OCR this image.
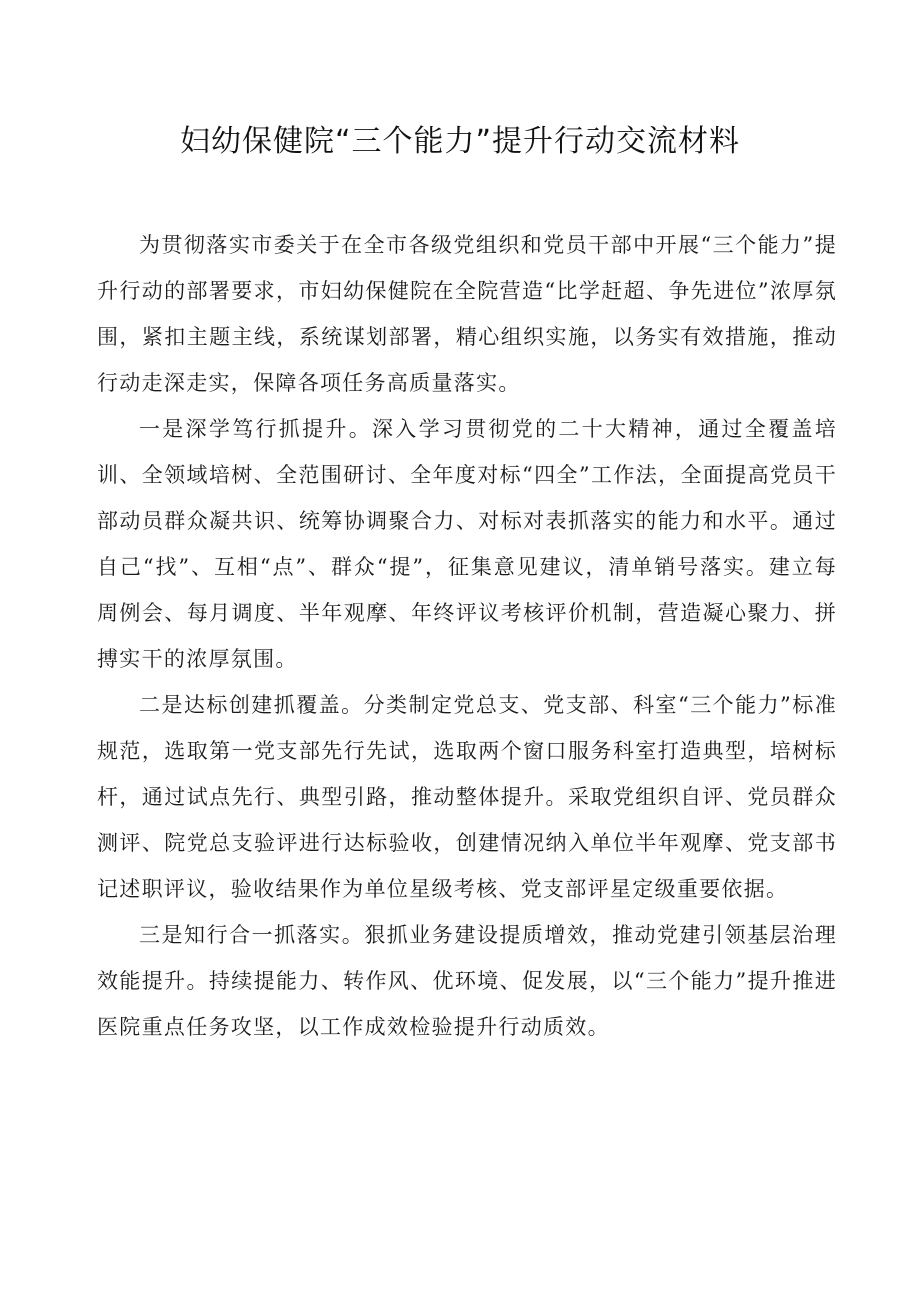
妇幼保健院“三个能力”提升行动交流材料

为贯彻落实市委关于在全市各级党组织和党员干部中开展“三个能力”提升行动的部署要求，市妇幼保健院在全院营造“比学赶超、争先进位”浓厚氛围，紧扣主题主线，系统谋划部署，精心组织实施，以务实有效措施，推动行动走深走实，保障各项任务高质量落实。

一是深学笃行抓提升。深入学习贯彻党的二十大精神，通过全覆盖培训、全领域培树、全范围研讨、全年度对标“四全”工作法，全面提高党员干部动员群众凝共识、统筹协调聚合力、对标对表抓落实的能力和水平。通过自己“找”、互相“点”、群众“提”，征集意见建议，清单销号落实。建立每周例会、每月调度、半年观摩、年终评议考核评价机制，营造凝心聚力、拼搏实干的浓厚氛围。

二是达标创建抓覆盖。分类制定党总支、党支部、科室“三个能力”标准规范，选取第一党支部先行先试，选取两个窗口服务科室打造典型，培树标杆，通过试点先行、典型引路，推动整体提升。采取党组织自评、党员群众测评、院党总支验评进行达标验收，创建情况纳入单位半年观摩、党支部书记述职评议，验收结果作为单位星级考核、党支部评星定级重要依据。

三是知行合一抓落实。狠抓业务建设提质增效，推动党建引领基层治理效能提升。持续提能力、转作风、优环境、促发展，以“三个能力”提升推进医院重点任务攻坚，以工作成效检验提升行动质效。
